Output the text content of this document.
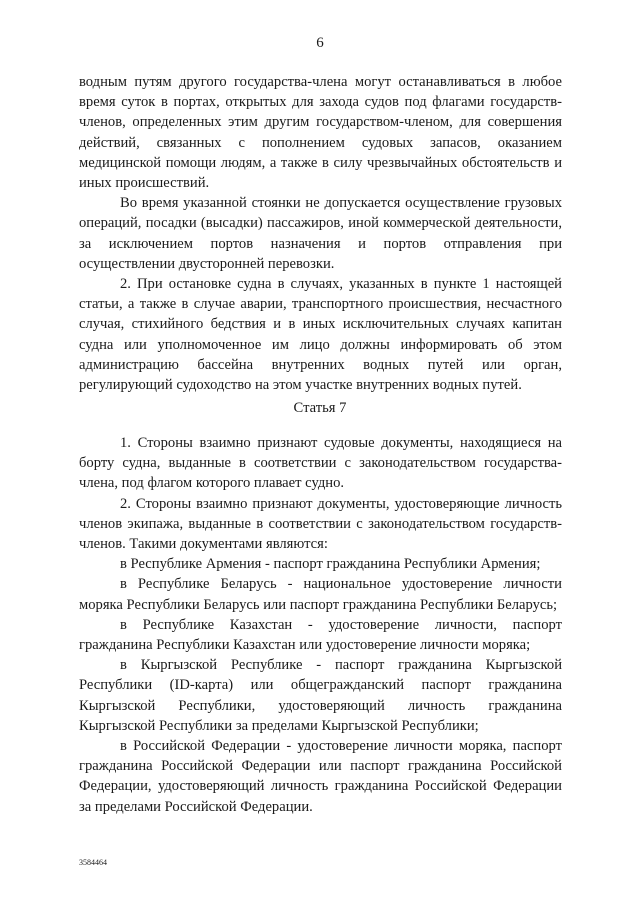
6

водным путям другого государства-члена могут останавливаться в любое время суток в портах, открытых для захода судов под флагами государств-членов, определенных этим другим государством-членом, для совершения действий, связанных с пополнением судовых запасов, оказанием медицинской помощи людям, а также в силу чрезвычайных обстоятельств и иных происшествий.

Во время указанной стоянки не допускается осуществление грузовых операций, посадки (высадки) пассажиров, иной коммерческой деятельности, за исключением портов назначения и портов отправления при осуществлении двусторонней перевозки.

2. При остановке судна в случаях, указанных в пункте 1 настоящей статьи, а также в случае аварии, транспортного происшествия, несчастного случая, стихийного бедствия и в иных исключительных случаях капитан судна или уполномоченное им лицо должны информировать об этом администрацию бассейна внутренних водных путей или орган, регулирующий судоходство на этом участке внутренних водных путей.

Статья 7

1. Стороны взаимно признают судовые документы, находящиеся на борту судна, выданные в соответствии с законодательством государства-члена, под флагом которого плавает судно.

2. Стороны взаимно признают документы, удостоверяющие личность членов экипажа, выданные в соответствии с законодательством государств-членов. Такими документами являются:

в Республике Армения - паспорт гражданина Республики Армения;

в Республике Беларусь - национальное удостоверение личности моряка Республики Беларусь или паспорт гражданина Республики Беларусь;

в Республике Казахстан - удостоверение личности, паспорт гражданина Республики Казахстан или удостоверение личности моряка;

в Кыргызской Республике - паспорт гражданина Кыргызской Республики (ID-карта) или общегражданский паспорт гражданина Кыргызской Республики, удостоверяющий личность гражданина Кыргызской Республики за пределами Кыргызской Республики;

в Российской Федерации - удостоверение личности моряка, паспорт гражданина Российской Федерации или паспорт гражданина Российской Федерации, удостоверяющий личность гражданина Российской Федерации за пределами Российской Федерации.

3584464
